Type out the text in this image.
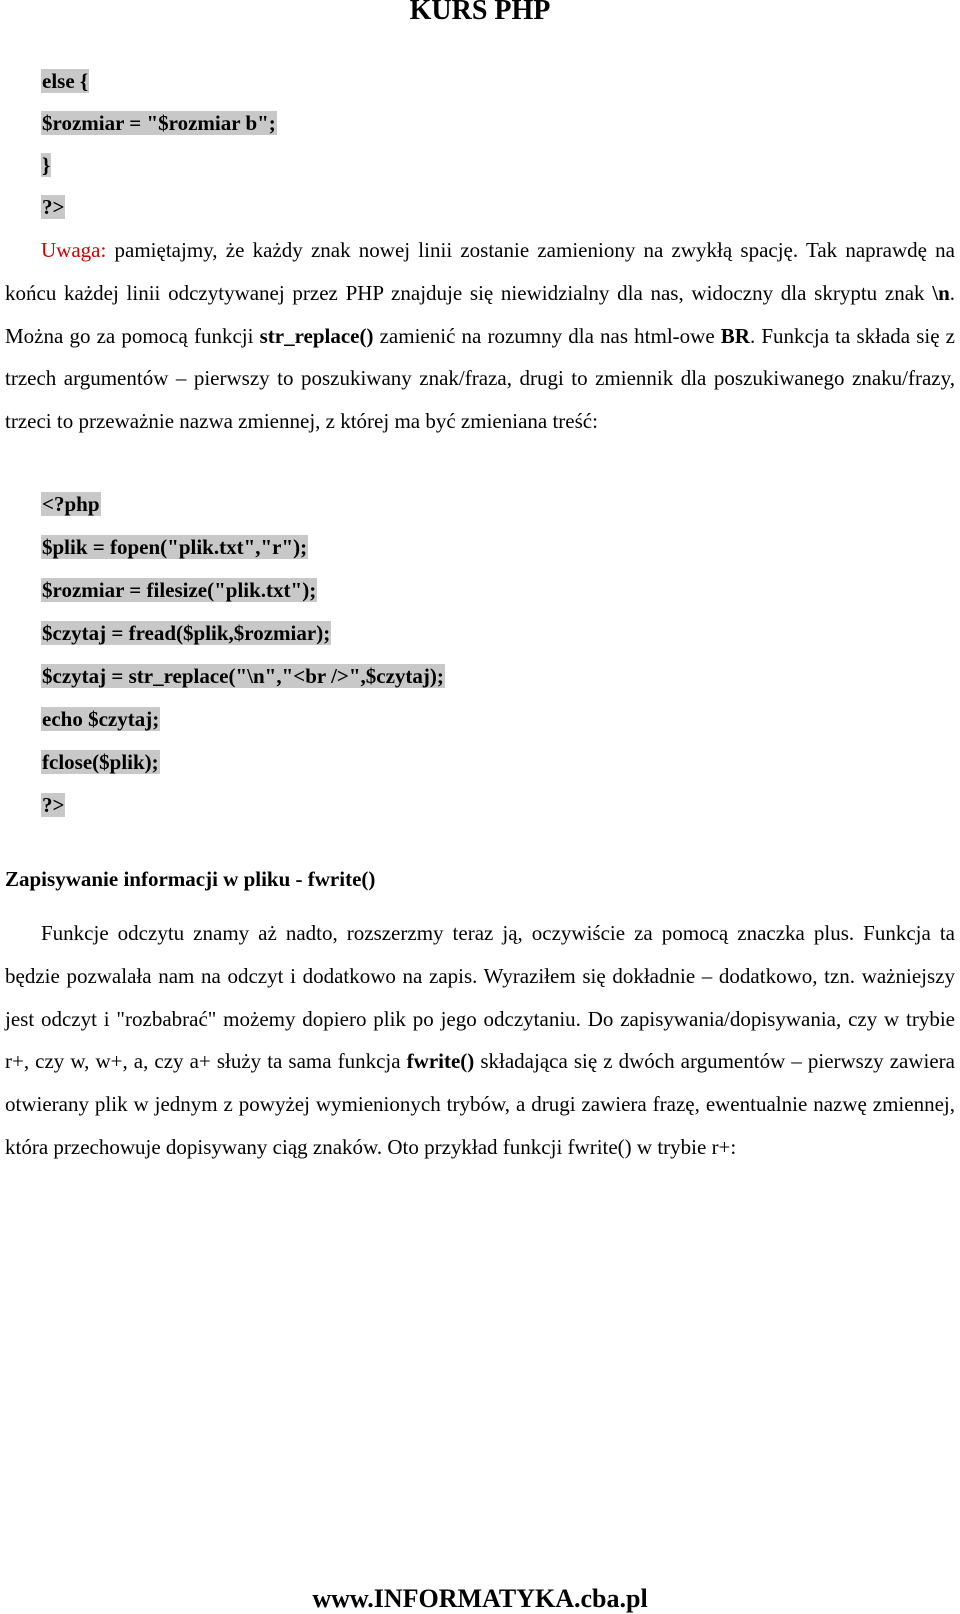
KURS PHP
else {
$rozmiar = "$rozmiar b";
}
?>

Uwaga: pamiętajmy, że każdy znak nowej linii zostanie zamieniony na zwykłą spację. Tak naprawdę na końcu każdej linii odczytywanej przez PHP znajduje się niewidzialny dla nas, widoczny dla skryptu znak \n. Można go za pomocą funkcji str_replace() zamienić na rozumny dla nas html-owe BR. Funkcja ta składa się z trzech argumentów – pierwszy to poszukiwany znak/fraza, drugi to zmiennik dla poszukiwanego znaku/frazy, trzeci to przeważnie nazwa zmiennej, z której ma być zmieniana treść:

<?php
$plik = fopen("plik.txt","r");
$rozmiar = filesize("plik.txt");
$czytaj = fread($plik,$rozmiar);
$czytaj = str_replace("\n","<br />",$czytaj);
echo $czytaj;
fclose($plik);
?>
Zapisywanie informacji w pliku - fwrite()

Funkcje odczytu znamy aż nadto, rozszerzmy teraz ją, oczywiście za pomocą znaczka plus. Funkcja ta będzie pozwalała nam na odczyt i dodatkowo na zapis. Wyraziłem się dokładnie – dodatkowo, tzn. ważniejszy jest odczyt i "rozbabrać" możemy dopiero plik po jego odczytaniu. Do zapisywania/dopisywania, czy w trybie r+, czy w, w+, a, czy a+ służy ta sama funkcja fwrite() składająca się z dwóch argumentów – pierwszy zawiera otwierany plik w jednym z powyżej wymienionych trybów, a drugi zawiera frazę, ewentualnie nazwę zmiennej, która przechowuje dopisywany ciąg znaków. Oto przykład funkcji fwrite() w trybie r+:

www.INFORMATYKA.cba.pl
